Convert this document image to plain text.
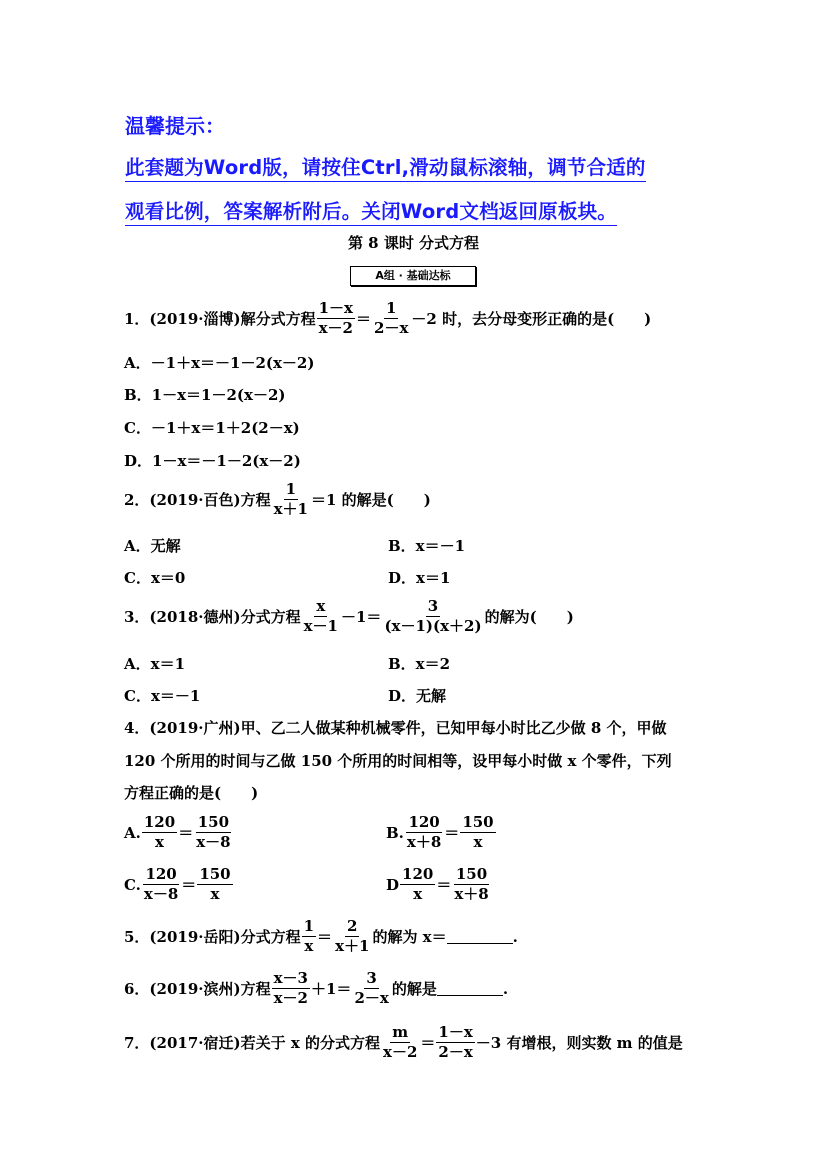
温馨提示：
此套题为Word版，请按住Ctrl,滑动鼠标滚轴，调节合适的
观看比例，答案解析附后。关闭Word文档返回原板块。
第 8 课时 分式方程
A组 · 基础达标
1．(2019·淄博)解分式方程 $\frac{1-x}{x-2} = \frac{1}{2-x} -2$ 时，去分母变形正确的是(　　)
A．－1＋x＝－1－2(x－2)
B．1－x＝1－2(x－2)
C．－1＋x＝1＋2(2－x)
D．1－x＝－1－2(x－2)
2．(2019·百色)方程 $\frac{1}{x+1} =1$ 的解是(　　)
A．无解	B．x＝－1
C．x＝0	D．x＝1
3．(2018·德州)分式方程 $\frac{x}{x-1} -1= \frac{3}{(x-1)(x+2)}$ 的解为(　　)
A．x＝1	B．x＝2
C．x＝－1	D．无解
4．(2019·广州)甲、乙二人做某种机械零件，已知甲每小时比乙少做 8 个，甲做
120 个所用的时间与乙做 150 个所用的时间相等，设甲每小时做 x 个零件，下列
方程正确的是(　　)
A. $\frac{120}{x} = \frac{150}{x-8}$	B. $\frac{120}{x+8} = \frac{150}{x}$
C. $\frac{120}{x-8} = \frac{150}{x}$	D $\frac{120}{x} = \frac{150}{x+8}$
5．(2019·岳阳)分式方程 $\frac{1}{x} = \frac{2}{x+1}$ 的解为 x＝	.
6．(2019·滨州)方程 $\frac{x-3}{x-2} +1= \frac{3}{2-x}$ 的解是	.
7．(2017·宿迁)若关于 x 的分式方程 $\frac{m}{x-2} = \frac{1-x}{2-x} -3$ 有增根，则实数 m 的值是
